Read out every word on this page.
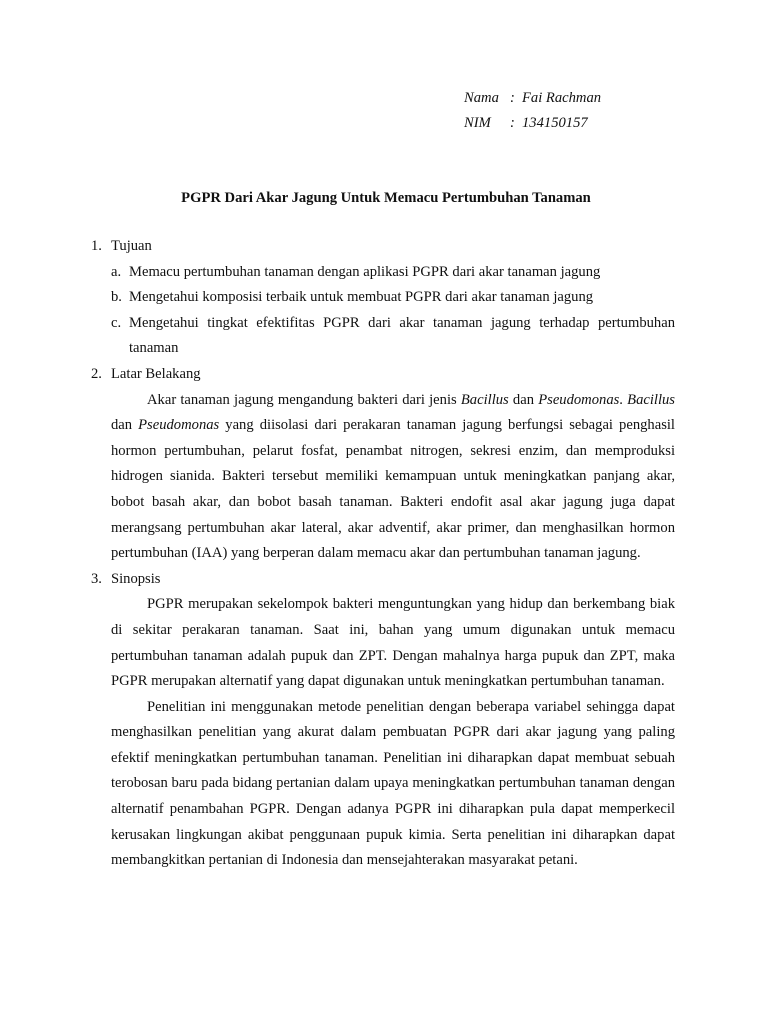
Nama : Fai Rachman
NIM	: 134150157
PGPR Dari Akar Jagung Untuk Memacu Pertumbuhan Tanaman
1. Tujuan
a. Memacu pertumbuhan tanaman dengan aplikasi PGPR dari akar tanaman jagung
b. Mengetahui komposisi terbaik untuk membuat PGPR dari akar tanaman jagung
c. Mengetahui tingkat efektifitas PGPR dari akar tanaman jagung terhadap pertumbuhan tanaman
2. Latar Belakang
Akar tanaman jagung mengandung bakteri dari jenis Bacillus dan Pseudomonas. Bacillus dan Pseudomonas yang diisolasi dari perakaran tanaman jagung berfungsi sebagai penghasil hormon pertumbuhan, pelarut fosfat, penambat nitrogen, sekresi enzim, dan memproduksi hidrogen sianida. Bakteri tersebut memiliki kemampuan untuk meningkatkan panjang akar, bobot basah akar, dan bobot basah tanaman. Bakteri endofit asal akar jagung juga dapat merangsang pertumbuhan akar lateral, akar adventif, akar primer, dan menghasilkan hormon pertumbuhan (IAA) yang berperan dalam memacu akar dan pertumbuhan tanaman jagung.
3. Sinopsis
PGPR merupakan sekelompok bakteri menguntungkan yang hidup dan berkembang biak di sekitar perakaran tanaman. Saat ini, bahan yang umum digunakan untuk memacu pertumbuhan tanaman adalah pupuk dan ZPT. Dengan mahalnya harga pupuk dan ZPT, maka PGPR merupakan alternatif yang dapat digunakan untuk meningkatkan pertumbuhan tanaman.
Penelitian ini menggunakan metode penelitian dengan beberapa variabel sehingga dapat menghasilkan penelitian yang akurat dalam pembuatan PGPR dari akar jagung yang paling efektif meningkatkan pertumbuhan tanaman. Penelitian ini diharapkan dapat membuat sebuah terobosan baru pada bidang pertanian dalam upaya meningkatkan pertumbuhan tanaman dengan alternatif penambahan PGPR. Dengan adanya PGPR ini diharapkan pula dapat memperkecil kerusakan lingkungan akibat penggunaan pupuk kimia. Serta penelitian ini diharapkan dapat membangkitkan pertanian di Indonesia dan mensejahterakan masyarakat petani.
